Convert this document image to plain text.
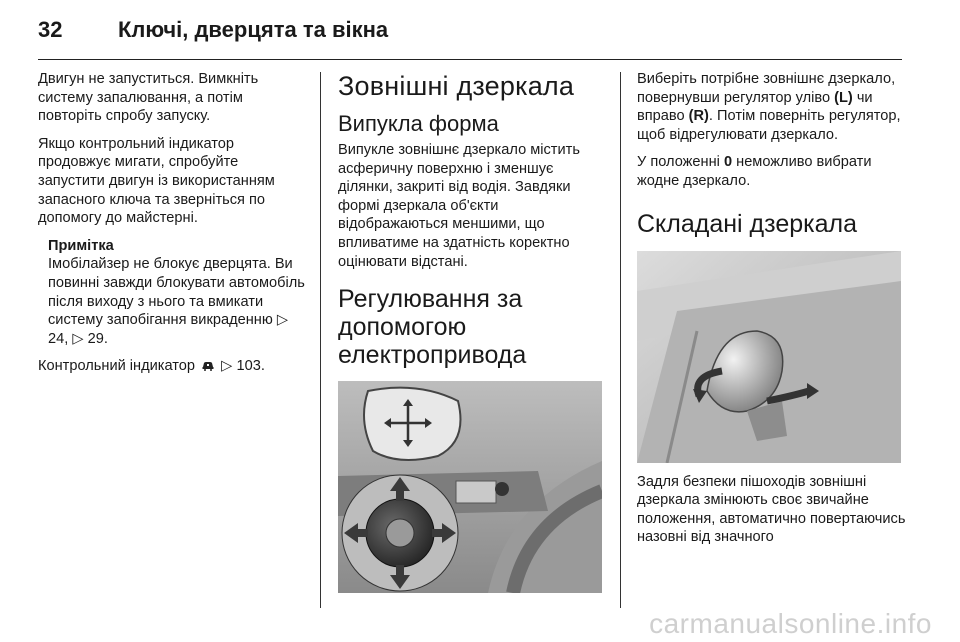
32	Ключі, дверцята та вікна

Двигун не запуститься. Вимкніть систему запалювання, а потім повторіть спробу запуску.

Якщо контрольний індикатор продовжує мигати, спробуйте запустити двигун із використанням запасного ключа та зверніться по допомогу до майстерні.

Примітка

Імобілайзер не блокує дверцята. Ви повинні завжди блокувати автомобіль після виходу з нього та вмикати систему запобігання викраденню ▷ 24, ▷ 29.

Контрольний індикатор ▷ 103.

Зовнішні дзеркала
Випукла форма

Випукле зовнішнє дзеркало містить асферичну поверхню і зменшує ділянки, закриті від водія. Завдяки формі дзеркала об'єкти відображаються меншими, що впливатиме на здатність коректно оцінювати відстані.

Регулювання за допомогою електропривода

Виберіть потрібне зовнішнє дзеркало, повернувши регулятор уліво (L) чи вправо (R). Потім поверніть регулятор, щоб відрегулювати дзеркало.

У положенні 0 неможливо вибрати жодне дзеркало.

Складані дзеркала

Задля безпеки пішоходів зовнішні дзеркала змінюють своє звичайне положення, автоматично повертаючись назовні від значного

carmanualsonline.info
